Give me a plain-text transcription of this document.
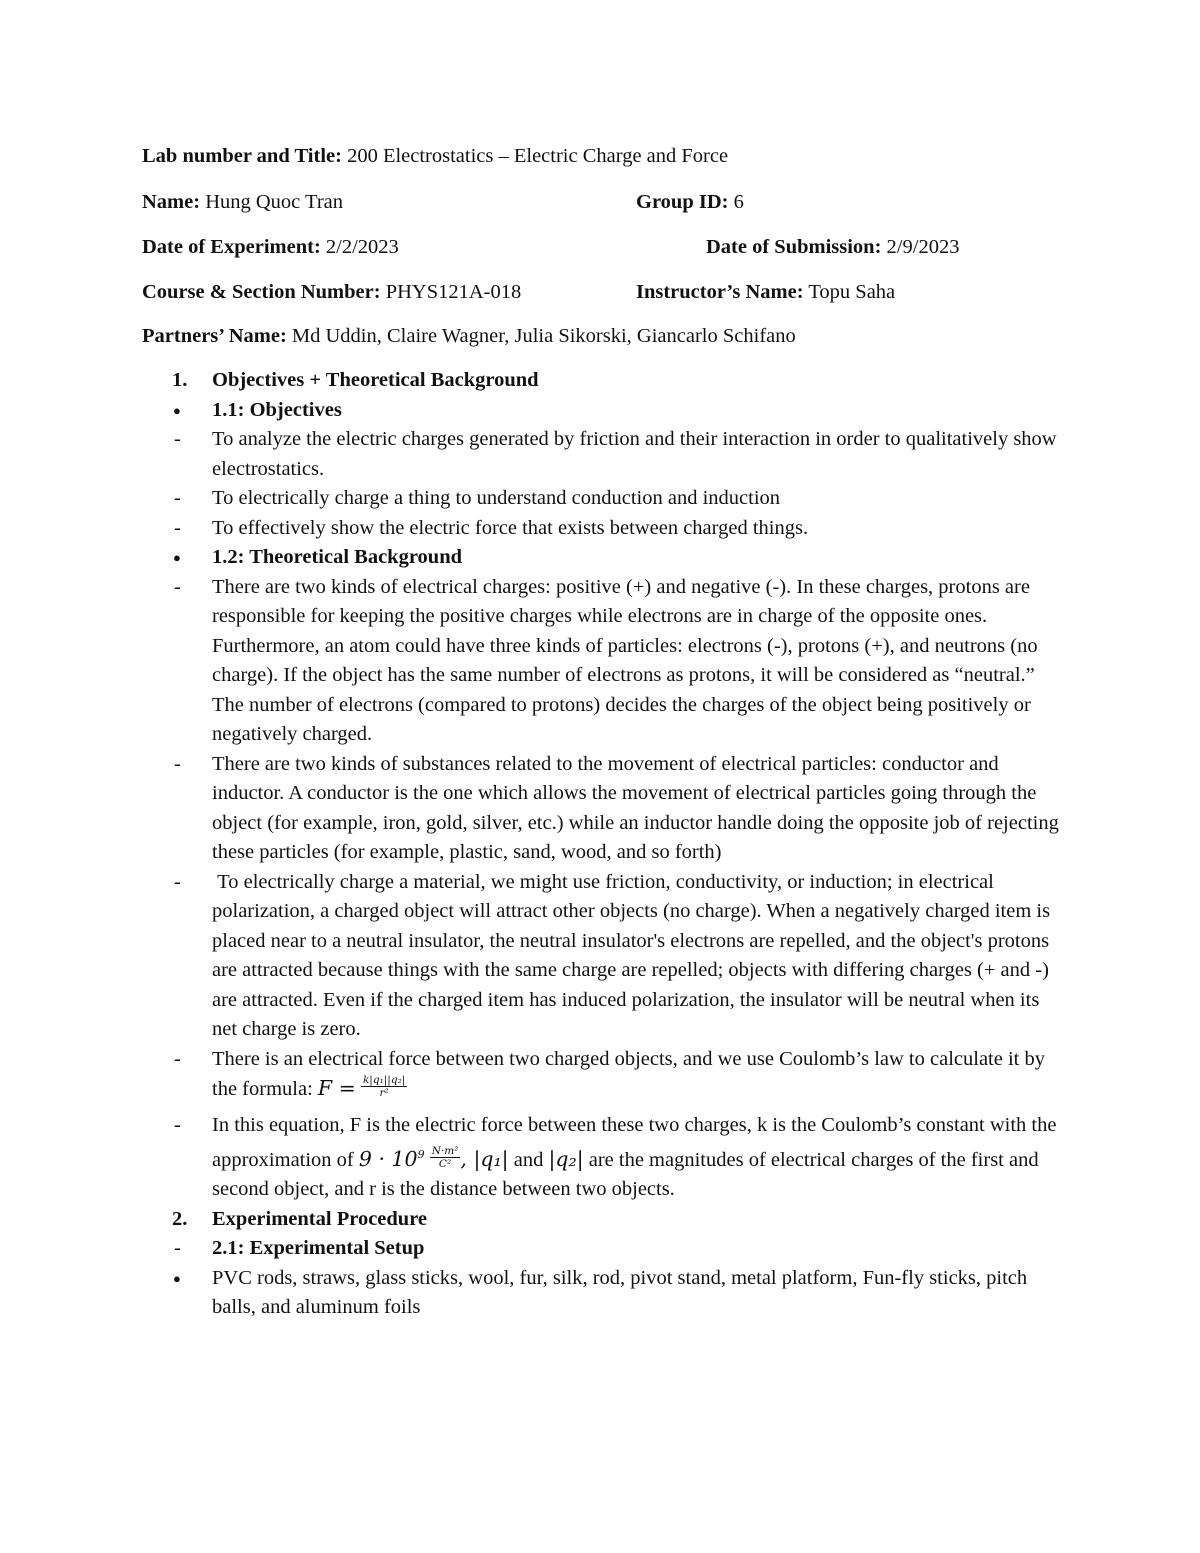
Lab number and Title: 200 Electrostatics – Electric Charge and Force
Name: Hung Quoc Tran	Group ID: 6
Date of Experiment: 2/2/2023	Date of Submission: 2/9/2023
Course & Section Number: PHYS121A-018	Instructor’s Name: Topu Saha
Partners’ Name: Md Uddin, Claire Wagner, Julia Sikorski, Giancarlo Schifano
1. Objectives + Theoretical Background
● 1.1: Objectives
- To analyze the electric charges generated by friction and their interaction in order to qualitatively show electrostatics.
- To electrically charge a thing to understand conduction and induction
- To effectively show the electric force that exists between charged things.
● 1.2: Theoretical Background
- There are two kinds of electrical charges: positive (+) and negative (-). In these charges, protons are responsible for keeping the positive charges while electrons are in charge of the opposite ones. Furthermore, an atom could have three kinds of particles: electrons (-), protons (+), and neutrons (no charge). If the object has the same number of electrons as protons, it will be considered as “neutral.” The number of electrons (compared to protons) decides the charges of the object being positively or negatively charged.
- There are two kinds of substances related to the movement of electrical particles: conductor and inductor. A conductor is the one which allows the movement of electrical particles going through the object (for example, iron, gold, silver, etc.) while an inductor handle doing the opposite job of rejecting these particles (for example, plastic, sand, wood, and so forth)
- To electrically charge a material, we might use friction, conductivity, or induction; in electrical polarization, a charged object will attract other objects (no charge). When a negatively charged item is placed near to a neutral insulator, the neutral insulator's electrons are repelled, and the object's protons are attracted because things with the same charge are repelled; objects with differing charges (+ and -) are attracted. Even if the charged item has induced polarization, the insulator will be neutral when its net charge is zero.
- There is an electrical force between two charged objects, and we use Coulomb’s law to calculate it by the formula: $F = \frac{\text{k|q₁||q₂|}}{\text{r²}}$
- In this equation, F is the electric force between these two charges, k is the Coulomb’s constant with the approximation of $9 \cdot 10^9 \frac{\text{N·m²}}{\text{C²}}$ , |q₁| and |q₂| are the magnitudes of electrical charges of the first and second object, and r is the distance between two objects.
2. Experimental Procedure
- 2.1: Experimental Setup
● PVC rods, straws, glass sticks, wool, fur, silk, rod, pivot stand, metal platform, Fun-fly sticks, pitch balls, and aluminum foils
